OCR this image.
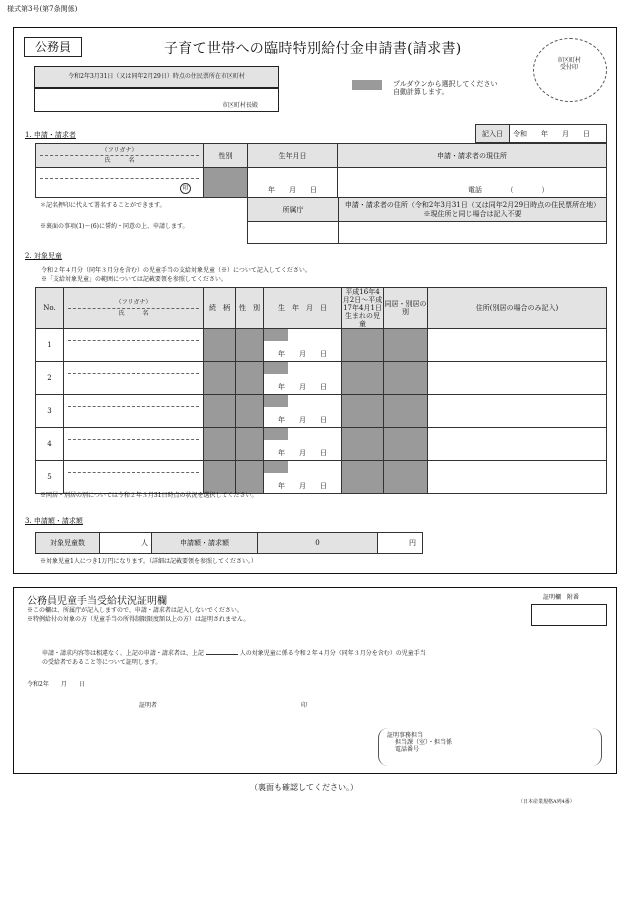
様式第3号(第7条関係)
公務員	子育て世帯への臨時特別給付金申請書(請求書)
市区町村
受付印
令和2年3月31日（又は同年2月29日）時点の住民票所在市区町村
市区町村長殿
プルダウンから選択してください
自動計算します。
1. 申請・請求者	記入日	令和　　年　　月　　日
（フリガナ）
氏　　　名	性別	生年月日	申請・請求者の現住所

印		年　　月　　日	電話　　　　（　　　　）
＊記名押印に代えて署名することができます。
※裏面の事項(1)～(6)に誓約・同意の上、申請します。
所属庁	申請・請求者の住所（令和2年3月31日（又は同年2月29日時点の住民票所在地）
※現住所と同じ場合は記入不要

2. 対象児童
令和２年４月分（同年３月分を含む）の児童手当の支給対象児童（※）について記入してください。
※「支給対象児童」の範囲については記載要領を参照してください。
No.	（フリガナ）
氏　　　名	続　柄	性　別	生　年　月　日	平成16年4月2日～平成17年4月1日生まれの児童	同居・別居の別	住所(別居の場合のみ記入)
1				年　　月　　日			
2				年　　月　　日			
3				年　　月　　日			
4				年　　月　　日			
5				年　　月　　日			
※同居・別居の別については令和２年３月31日時点の状況を選択してください。
3. 申請額・請求額
対象児童数	人	申請額・請求額	0	円
※対象児童1人につき1万円になります。（詳細は記載要領を参照してください。）
公務員児童手当受給状況証明欄	証明欄　附番
※この欄は、所属庁が記入しますので、申請・請求者は記入しないでください。
※特例給付の対象の方（児童手当の所得制限限度額以上の方）は証明されません。
申請・請求内容等は相違なく、上記の申請・請求者は、上記	人の対象児童に係る令和２年４月分（同年３月分を含む）の児童手当
の受給者であること等について証明します。
令和2年　　月　　日
証明者	印
証明事務担当
担当課（室）・担当係
電話番号
（裏面も確認してください。）
（日本産業規格A列4番）
